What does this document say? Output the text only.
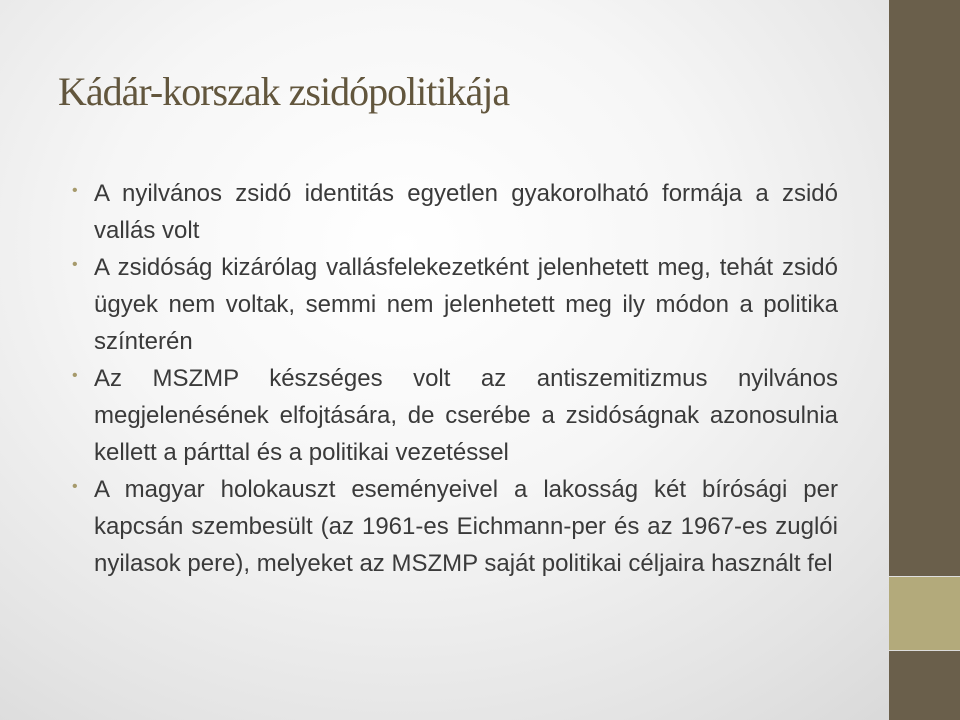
Kádár-korszak zsidópolitikája
• A nyilvános zsidó identitás egyetlen gyakorolható formája a zsidó vallás volt
• A zsidóság kizárólag vallásfelekezetként jelenhetett meg, tehát zsidó ügyek nem voltak, semmi nem jelenhetett meg ily módon a politika színterén
• Az MSZMP készséges volt az antiszemitizmus nyilvános megjelenésének elfojtására, de cserébe a zsidóságnak azonosulnia kellett a párttal és a politikai vezetéssel
• A magyar holokauszt eseményeivel a lakosság két bírósági per kapcsán szembesült (az 1961-es Eichmann-per és az 1967-es zuglói nyilasok pere), melyeket az MSZMP saját politikai céljaira használt fel
